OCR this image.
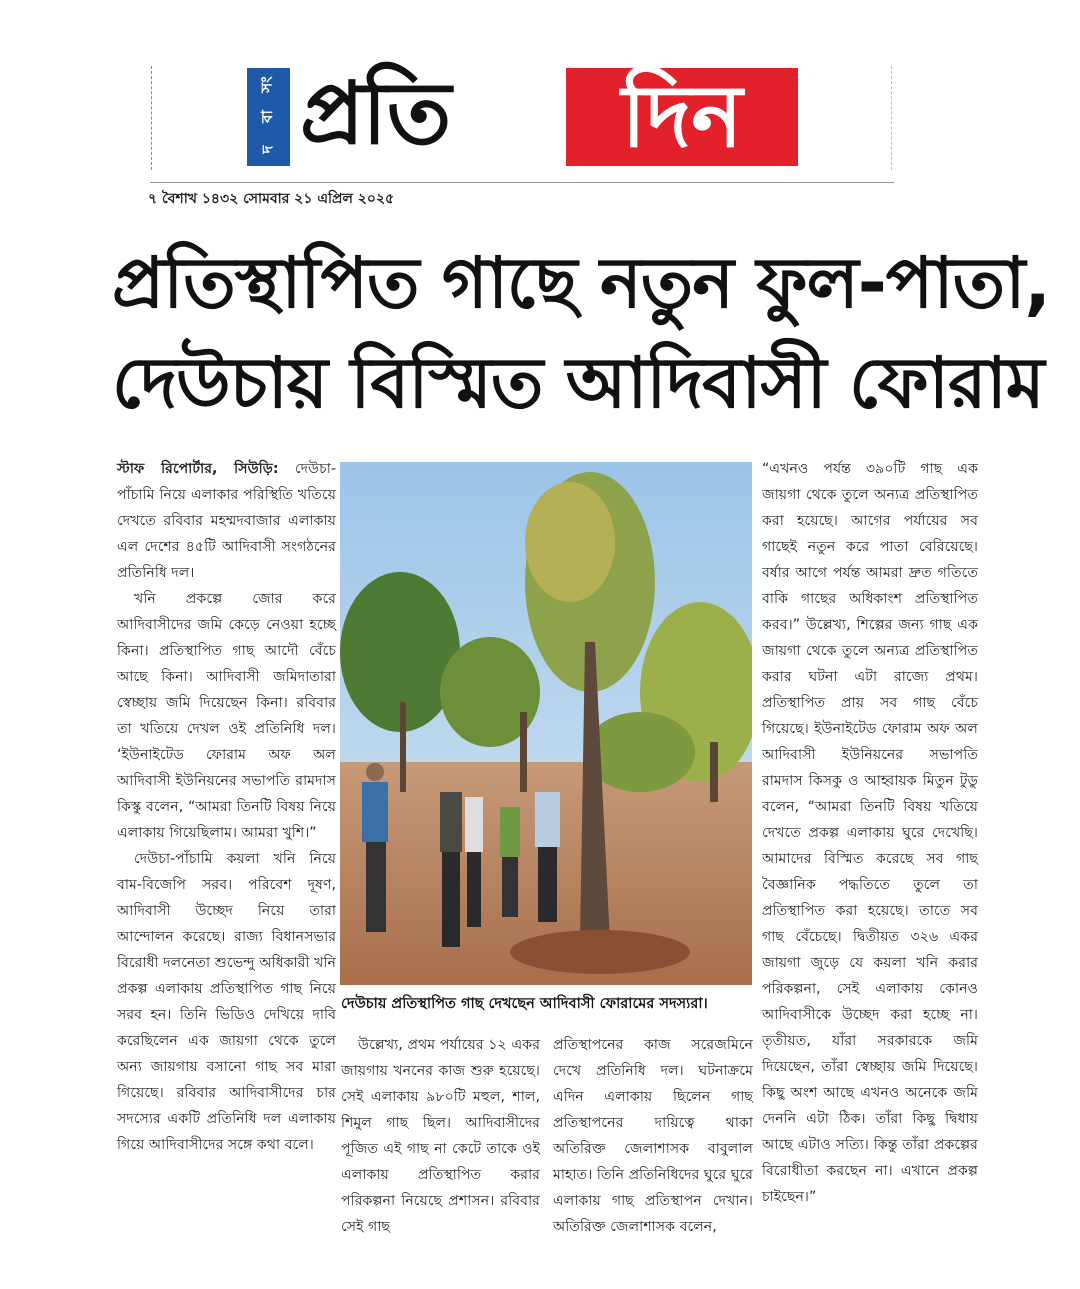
সং
বা
দ প্রতি	দিন
৭ বৈশাখ ১৪৩২ সোমবার ২১ এপ্রিল ২০২৫
প্রতিস্থাপিত গাছে নতুন ফুল-পাতা,
দেউচায় বিস্মিত আদিবাসী ফোরাম

স্টাফ রিপোর্টার, সিউড়ি: দেউচা-পাঁচামি নিয়ে এলাকার পরিস্থিতি খতিয়ে দেখতে রবিবার মহম্মদবাজার এলাকায় এল দেশের ৪৫টি আদিবাসী সংগঠনের প্রতিনিধি দল।

খনি প্রকল্পে জোর করে আদিবাসীদের জমি কেড়ে নেওয়া হচ্ছে কিনা। প্রতিস্থাপিত গাছ আদৌ বেঁচে আছে কিনা। আদিবাসী জমিদাতারা স্বেচ্ছায় জমি দিয়েছেন কিনা। রবিবার তা খতিয়ে দেখল ওই প্রতিনিধি দল। ‘ইউনাইটেড ফোরাম অফ অল আদিবাসী ইউনিয়নের সভাপতি রামদাস কিস্কু বলেন, “আমরা তিনটি বিষয় নিয়ে এলাকায় গিয়েছিলাম। আমরা খুশি।”

দেউচা-পাঁচামি কয়লা খনি নিয়ে বাম-বিজেপি সরব। পরিবেশ দূষণ, আদিবাসী উচ্ছেদ নিয়ে তারা আন্দোলন করেছে। রাজ্য বিধানসভার বিরোধী দলনেতা শুভেন্দু অধিকারী খনি প্রকল্প এলাকায় প্রতিস্থাপিত গাছ নিয়ে সরব হন। তিনি ভিডিও দেখিয়ে দাবি করেছিলেন এক জায়গা থেকে তুলে অন্য জায়গায় বসানো গাছ সব মারা গিয়েছে। রবিবার আদিবাসীদের চার সদস্যের একটি প্রতিনিধি দল এলাকায় গিয়ে আদিবাসীদের সঙ্গে কথা বলে।

দেউচায় প্রতিস্থাপিত গাছ দেখছেন আদিবাসী ফোরামের সদস্যরা।

উল্লেখ্য, প্রথম পর্যায়ের ১২ একর জায়গায় খননের কাজ শুরু হয়েছে। সেই এলাকায় ৯৮০টি মহুল, শাল, শিমুল গাছ ছিল। আদিবাসীদের পূজিত এই গাছ না কেটে তাকে ওই এলাকায় প্রতিস্থাপিত করার পরিকল্পনা নিয়েছে প্রশাসন। রবিবার সেই গাছ

প্রতিস্থাপনের কাজ সরেজমিনে দেখে প্রতিনিধি দল। ঘটনাক্রমে এদিন এলাকায় ছিলেন গাছ প্রতিস্থাপনের দায়িত্বে থাকা অতিরিক্ত জেলাশাসক বাবুলাল মাহাত। তিনি প্রতিনিধিদের ঘুরে ঘুরে এলাকায় গাছ প্রতিস্থাপন দেখান। অতিরিক্ত জেলাশাসক বলেন,

“এখনও পর্যন্ত ৩৯০টি গাছ এক জায়গা থেকে তুলে অন্যত্র প্রতিস্থাপিত করা হয়েছে। আগের পর্যায়ের সব গাছেই নতুন করে পাতা বেরিয়েছে। বর্ষার আগে পর্যন্ত আমরা দ্রুত গতিতে বাকি গাছের অধিকাংশ প্রতিস্থাপিত করব।” উল্লেখ্য, শিল্পের জন্য গাছ এক জায়গা থেকে তুলে অন্যত্র প্রতিস্থাপিত করার ঘটনা এটা রাজ্যে প্রথম। প্রতিস্থাপিত প্রায় সব গাছ বেঁচে গিয়েছে। ইউনাইটেড ফোরাম অফ অল আদিবাসী ইউনিয়নের সভাপতি রামদাস কিসকু ও আহ্বায়ক মিতুন টুডু বলেন, “আমরা তিনটি বিষয় খতিয়ে দেখতে প্রকল্প এলাকায় ঘুরে দেখেছি। আমাদের বিস্মিত করেছে সব গাছ বৈজ্ঞানিক পদ্ধতিতে তুলে তা প্রতিস্থাপিত করা হয়েছে। তাতে সব গাছ বেঁচেছে। দ্বিতীয়ত ৩২৬ একর জায়গা জুড়ে যে কয়লা খনি করার পরিকল্পনা, সেই এলাকায় কোনও আদিবাসীকে উচ্ছেদ করা হচ্ছে না। তৃতীয়ত, যাঁরা সরকারকে জমি দিয়েছেন, তাঁরা স্বেচ্ছায় জমি দিয়েছে। কিছু অংশ আছে এখনও অনেকে জমি দেননি এটা ঠিক। তাঁরা কিছু দ্বিধায় আছে এটাও সত্যি। কিন্তু তাঁরা প্রকল্পের বিরোধীতা করছেন না। এখানে প্রকল্প চাইছেন।”
